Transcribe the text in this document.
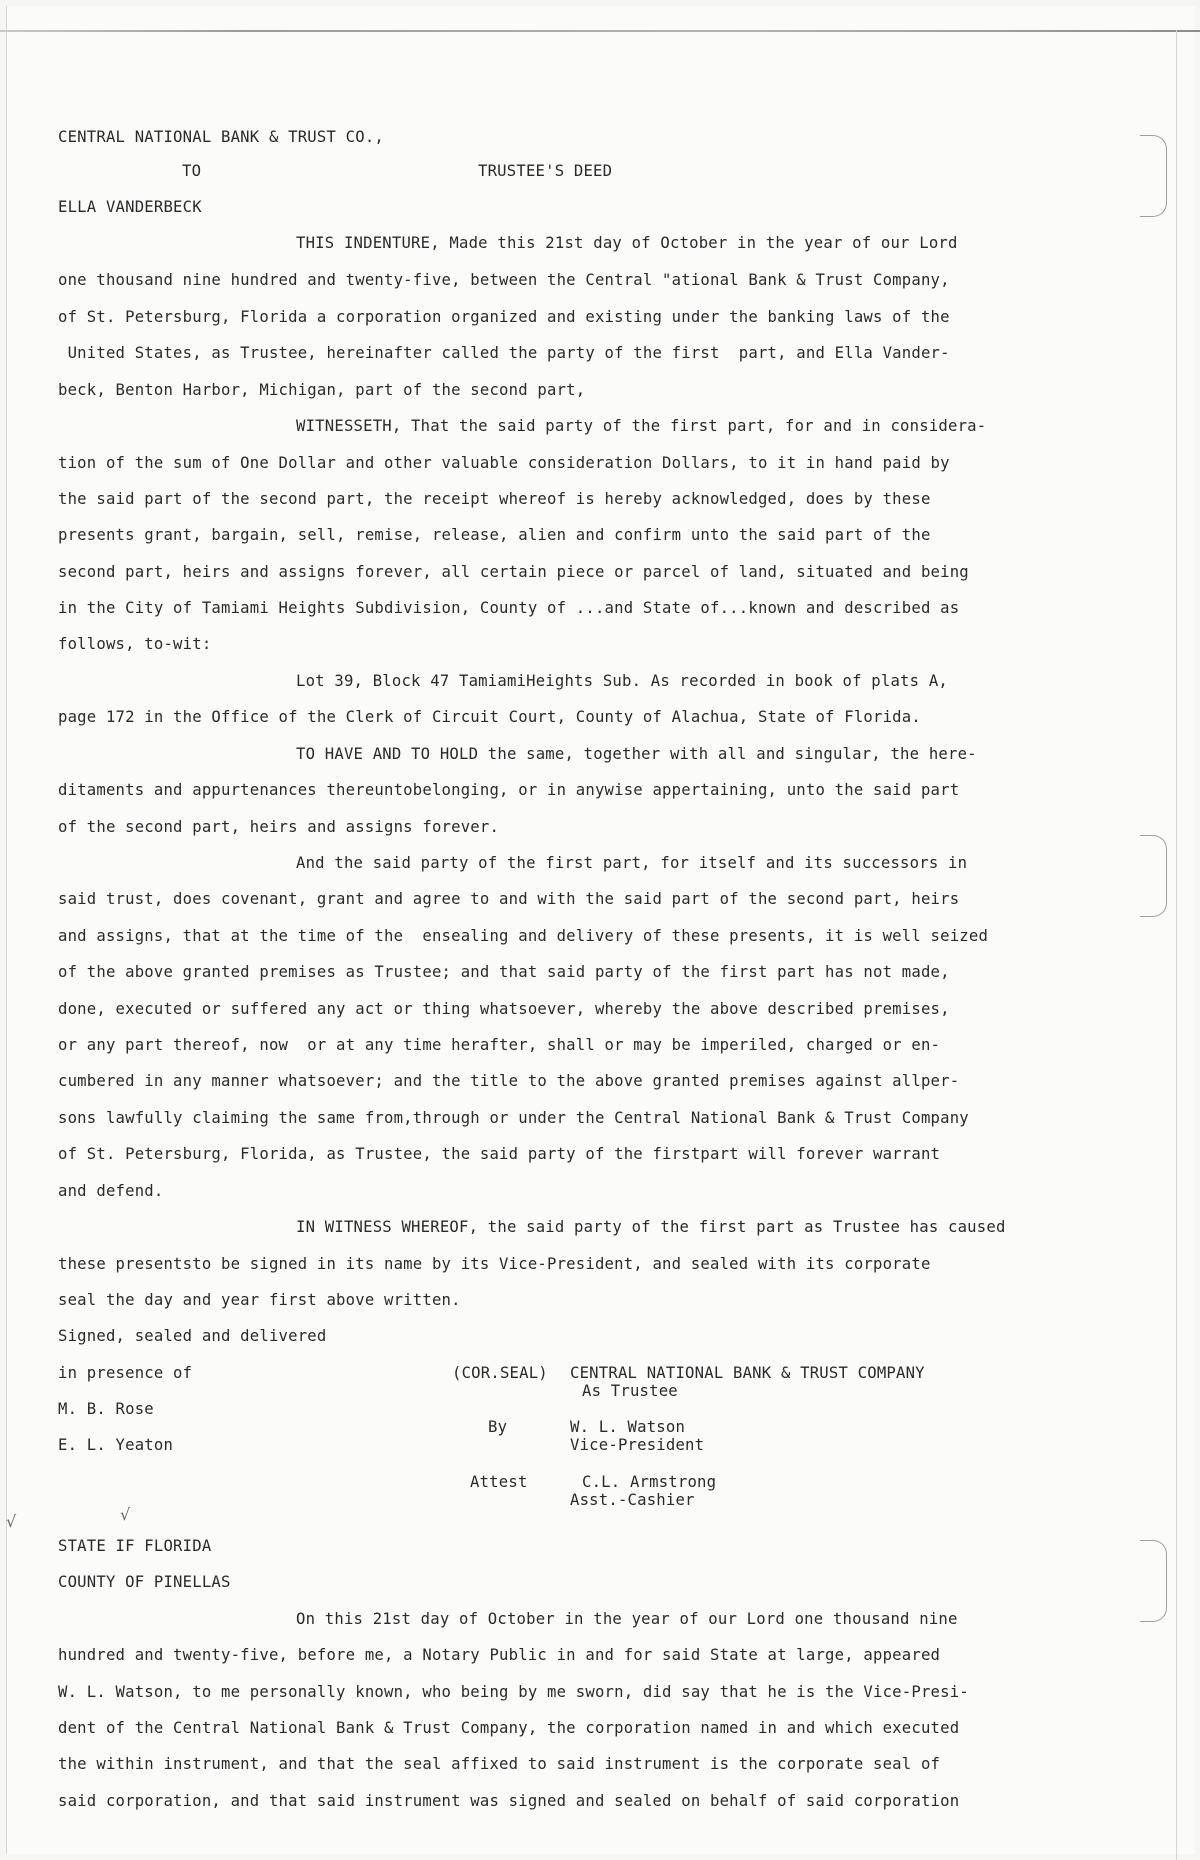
CENTRAL NATIONAL BANK & TRUST CO.,
TO	TRUSTEE'S DEED
ELLA VANDERBECK
THIS INDENTURE, Made this 21st day of October in the year of our Lord
one thousand nine hundred and twenty-five, between the Central "ational Bank & Trust Company,
of St. Petersburg, Florida a corporation organized and existing under the banking laws of the
United States, as Trustee, hereinafter called the party of the first  part, and Ella Vander-
beck, Benton Harbor, Michigan, part of the second part,
WITNESSETH, That the said party of the first part, for and in considera-
tion of the sum of One Dollar and other valuable consideration Dollars, to it in hand paid by
the said part of the second part, the receipt whereof is hereby acknowledged, does by these
presents grant, bargain, sell, remise, release, alien and confirm unto the said part of the
second part, heirs and assigns forever, all certain piece or parcel of land, situated and being
in the City of Tamiami Heights Subdivision, County of ...and State of...known and described as
follows, to-wit:
Lot 39, Block 47 TamiamiHeights Sub. As recorded in book of plats A,
page 172 in the Office of the Clerk of Circuit Court, County of Alachua, State of Florida.
TO HAVE AND TO HOLD the same, together with all and singular, the here-
ditaments and appurtenances thereuntobelonging, or in anywise appertaining, unto the said part
of the second part, heirs and assigns forever.
And the said party of the first part, for itself and its successors in
said trust, does covenant, grant and agree to and with the said part of the second part, heirs
and assigns, that at the time of the  ensealing and delivery of these presents, it is well seized
of the above granted premises as Trustee; and that said party of the first part has not made,
done, executed or suffered any act or thing whatsoever, whereby the above described premises,
or any part thereof, now  or at any time herafter, shall or may be imperiled, charged or en-
cumbered in any manner whatsoever; and the title to the above granted premises against allper-
sons lawfully claiming the same from,through or under the Central National Bank & Trust Company
of St. Petersburg, Florida, as Trustee, the said party of the firstpart will forever warrant
and defend.
IN WITNESS WHEREOF, the said party of the first part as Trustee has caused
these presentsto be signed in its name by its Vice-President, and sealed with its corporate
seal the day and year first above written.
Signed, sealed and delivered
in presence of	(COR.SEAL) CENTRAL NATIONAL BANK & TRUST COMPANY
As Trustee
M. B. Rose
By	W. L. Watson
Vice-President
E. L. Yeaton
Attest	C.L. Armstrong
Asst.-Cashier
√	√
STATE IF FLORIDA
COUNTY OF PINELLAS
On this 21st day of October in the year of our Lord one thousand nine
hundred and twenty-five, before me, a Notary Public in and for said State at large, appeared
W. L. Watson, to me personally known, who being by me sworn, did say that he is the Vice-Presi-
dent of the Central National Bank & Trust Company, the corporation named in and which executed
the within instrument, and that the seal affixed to said instrument is the corporate seal of
said corporation, and that said instrument was signed and sealed on behalf of said corporation
